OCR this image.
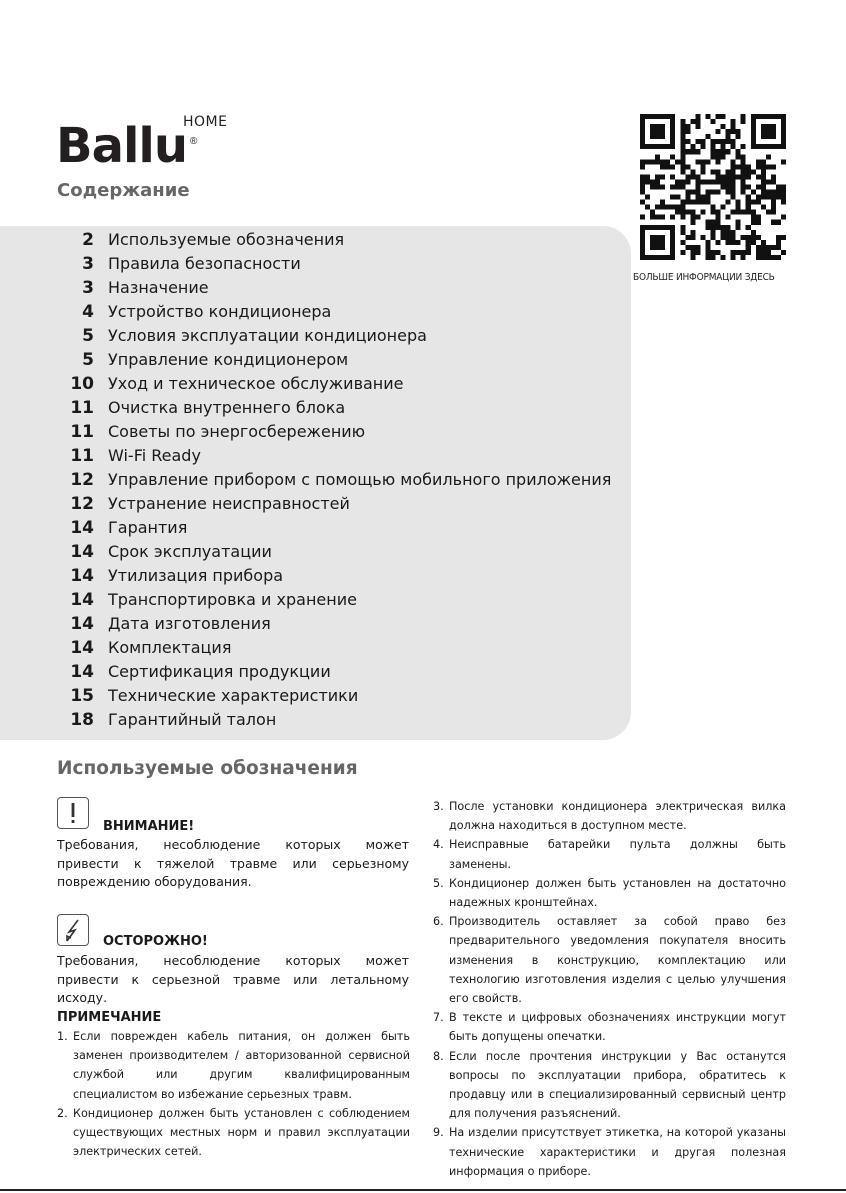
Ballu
HOME
®
Содержание
БОЛЬШЕ ИНФОРМАЦИИ ЗДЕСЬ
2 Используемые обозначения
3 Правила безопасности
3 Назначение
4 Устройство кондиционера
5 Условия эксплуатации кондиционера
5 Управление кондиционером
10 Уход и техническое обслуживание
11 Очистка внутреннего блока
11 Советы по энергосбережению
11 Wi-Fi Ready
12 Управление прибором с помощью мобильного приложения
12 Устранение неисправностей
14 Гарантия
14 Срок эксплуатации
14 Утилизация прибора
14 Транспортировка и хранение
14 Дата изготовления
14 Комплектация
14 Сертификация продукции
15 Технические характеристики
18 Гарантийный талон
Используемые обозначения
ВНИМАНИЕ!

Требования, несоблюдение которых может привести к тяжелой травме или серьезному повреждению оборудования.

ОСТОРОЖНО!

Требования, несоблюдение которых может привести к серьезной травме или летальному исходу.

ПРИМЕЧАНИЕ
1. Если поврежден кабель питания, он должен быть заменен производителем / авторизованной сервисной службой или другим квалифицированным специалистом во избежание серьезных травм.
2. Кондиционер должен быть установлен с соблюдением существующих местных норм и правил эксплуатации электрических сетей.
3. После установки кондиционера электрическая вилка должна находиться в доступном месте.
4. Неисправные батарейки пульта должны быть заменены.
5. Кондиционер должен быть установлен на достаточно надежных кронштейнах.
6. Производитель оставляет за собой право без предварительного уведомления покупателя вносить изменения в конструкцию, комплектацию или технологию изготовления изделия с целью улучшения его свойств.
7. В тексте и цифровых обозначениях инструкции могут быть допущены опечатки.
8. Если после прочтения инструкции у Вас останутся вопросы по эксплуатации прибора, обратитесь к продавцу или в специализированный сервисный центр для получения разъяснений.
9. На изделии присутствует этикетка, на которой указаны технические характеристики и другая полезная информация о приборе.
